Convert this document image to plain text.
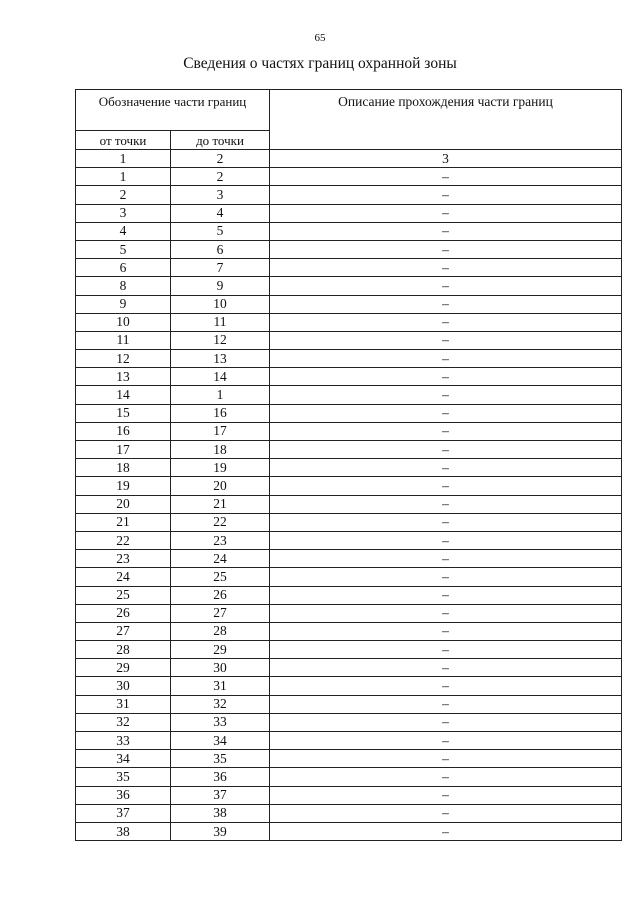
65
Сведения о частях границ охранной зоны
Обозначение части границ		Описание прохождения части границ
от точки	до точки	
1	2	3
1	2	–
2	3	–
3	4	–
4	5	–
5	6	–
6	7	–
8	9	–
9	10	–
10	11	–
11	12	–
12	13	–
13	14	–
14	1	–
15	16	–
16	17	–
17	18	–
18	19	–
19	20	–
20	21	–
21	22	–
22	23	–
23	24	–
24	25	–
25	26	–
26	27	–
27	28	–
28	29	–
29	30	–
30	31	–
31	32	–
32	33	–
33	34	–
34	35	–
35	36	–
36	37	–
37	38	–
38	39	–
